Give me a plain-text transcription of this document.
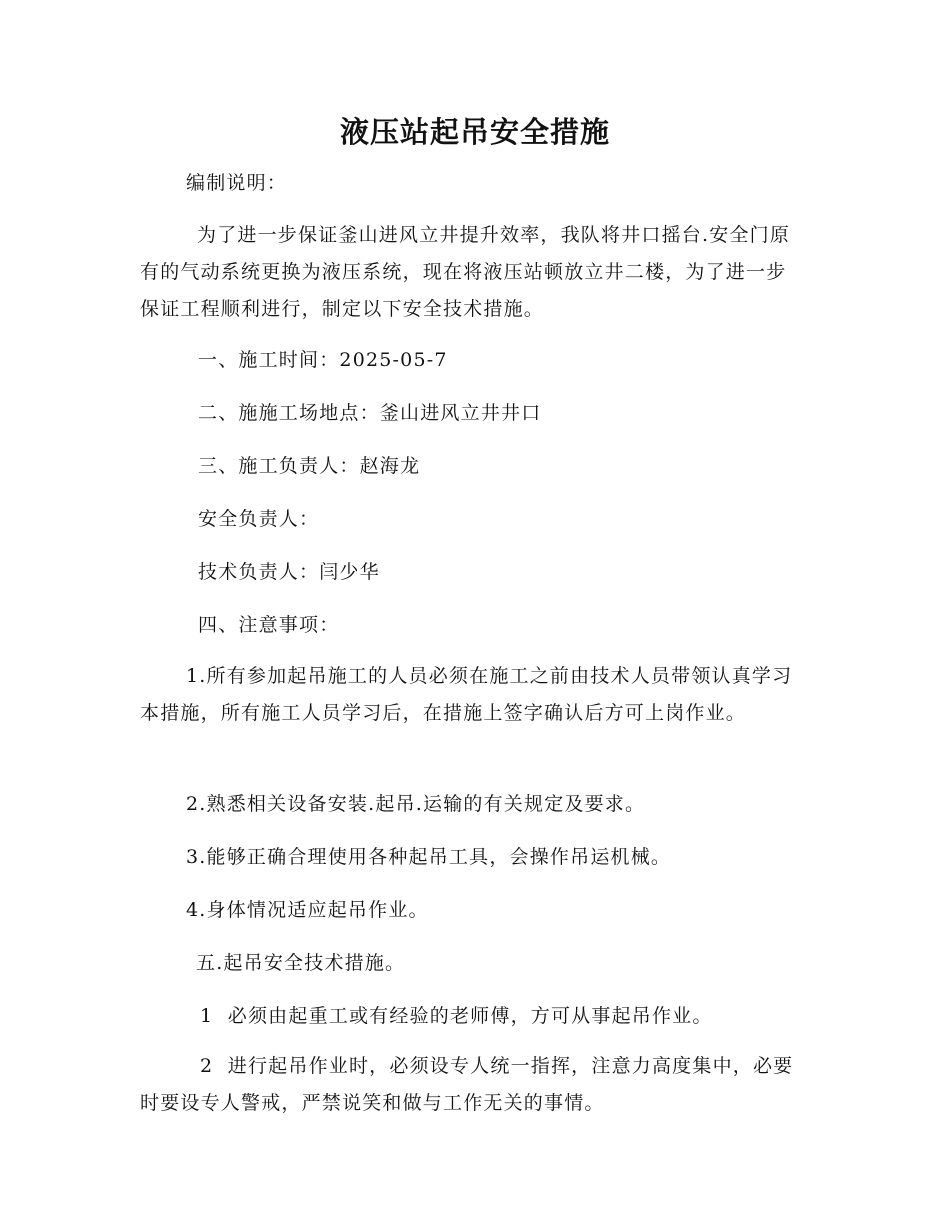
液压站起吊安全措施
编制说明：
为了进一步保证釜山进风立井提升效率，我队将井口摇台.安全门原有的气动系统更换为液压系统，现在将液压站顿放立井二楼，为了进一步保证工程顺利进行，制定以下安全技术措施。
一、施工时间：2025-05-7
二、施施工场地点：釜山进风立井井口
三、施工负责人：赵海龙
安全负责人：
技术负责人：闫少华
四、注意事项：
1.所有参加起吊施工的人员必须在施工之前由技术人员带领认真学习本措施，所有施工人员学习后，在措施上签字确认后方可上岗作业。
2.熟悉相关设备安装.起吊.运输的有关规定及要求。
3.能够正确合理使用各种起吊工具，会操作吊运机械。
4.身体情况适应起吊作业。
五.起吊安全技术措施。
1  必须由起重工或有经验的老师傅，方可从事起吊作业。
2  进行起吊作业时，必须设专人统一指挥，注意力高度集中，必要时要设专人警戒，严禁说笑和做与工作无关的事情。
